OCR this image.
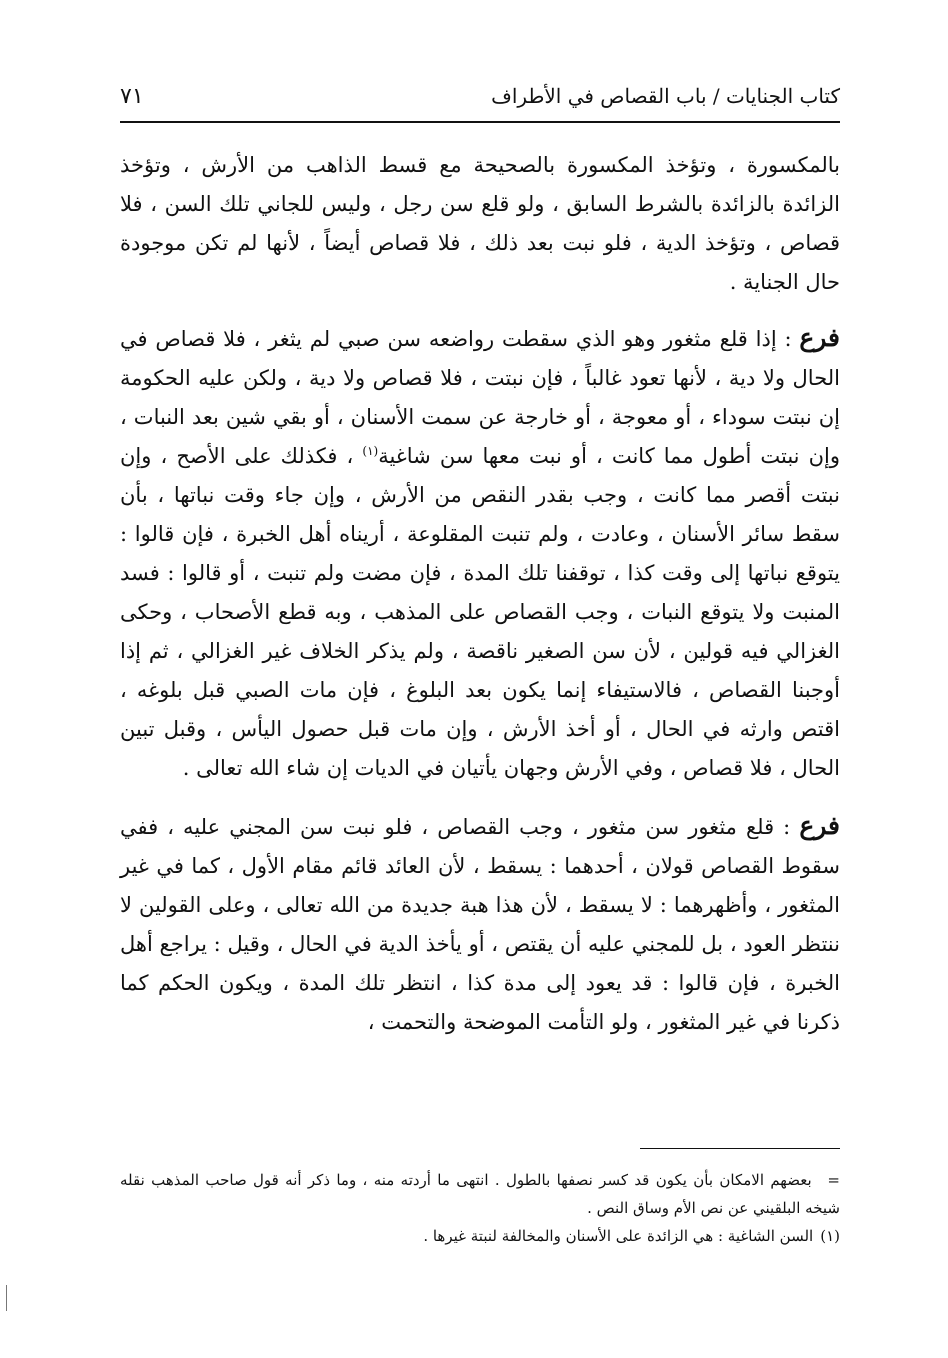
كتاب الجنايات / باب القصاص في الأطراف
٧١

بالمكسورة ، وتؤخذ المكسورة بالصحيحة مع قسط الذاهب من الأرش ، وتؤخذ الزائدة بالزائدة بالشرط السابق ، ولو قلع سن رجل ، وليس للجاني تلك السن ، فلا قصاص ، وتؤخذ الدية ، فلو نبت بعد ذلك ، فلا قصاص أيضاً ، لأنها لم تكن موجودة حال الجناية .

فرع : إذا قلع مثغور وهو الذي سقطت رواضعه سن صبي لم يثغر ، فلا قصاص في الحال ولا دية ، لأنها تعود غالباً ، فإن نبتت ، فلا قصاص ولا دية ، ولكن عليه الحكومة إن نبتت سوداء ، أو معوجة ، أو خارجة عن سمت الأسنان ، أو بقي شين بعد النبات ، وإن نبتت أطول مما كانت ، أو نبت معها سن شاغية$^{(١)}$ ، فكذلك على الأصح ، وإن نبتت أقصر مما كانت ، وجب بقدر النقص من الأرش ، وإن جاء وقت نباتها ، بأن سقط سائر الأسنان ، وعادت ، ولم تنبت المقلوعة ، أريناه أهل الخبرة ، فإن قالوا : يتوقع نباتها إلى وقت كذا ، توقفنا تلك المدة ، فإن مضت ولم تنبت ، أو قالوا : فسد المنبت ولا يتوقع النبات ، وجب القصاص على المذهب ، وبه قطع الأصحاب ، وحكى الغزالي فيه قولين ، لأن سن الصغير ناقصة ، ولم يذكر الخلاف غير الغزالي ، ثم إذا أوجبنا القصاص ، فالاستيفاء إنما يكون بعد البلوغ ، فإن مات الصبي قبل بلوغه ، اقتص وارثه في الحال ، أو أخذ الأرش ، وإن مات قبل حصول اليأس ، وقبل تبين الحال ، فلا قصاص ، وفي الأرش وجهان يأتيان في الديات إن شاء الله تعالى .

فرع : قلع مثغور سن مثغور ، وجب القصاص ، فلو نبت سن المجني عليه ، ففي سقوط القصاص قولان ، أحدهما : يسقط ، لأن العائد قائم مقام الأول ، كما في غير المثغور ، وأظهرهما : لا يسقط ، لأن هذا هبة جديدة من الله تعالى ، وعلى القولين لا ننتظر العود ، بل للمجني عليه أن يقتص ، أو يأخذ الدية في الحال ، وقيل : يراجع أهل الخبرة ، فإن قالوا : قد يعود إلى مدة كذا ، انتظر تلك المدة ، ويكون الحكم كما ذكرنا في غير المثغور ، ولو التأمت الموضحة والتحمت ،

= بعضهم الامكان بأن يكون قد كسر نصفها بالطول . انتهى ما أردته منه ، وما ذكر أنه قول صاحب المذهب نقله شيخه البلقيني عن نص الأم وساق النص .

(١) السن الشاغية : هي الزائدة على الأسنان والمخالفة لنبتة غيرها .
